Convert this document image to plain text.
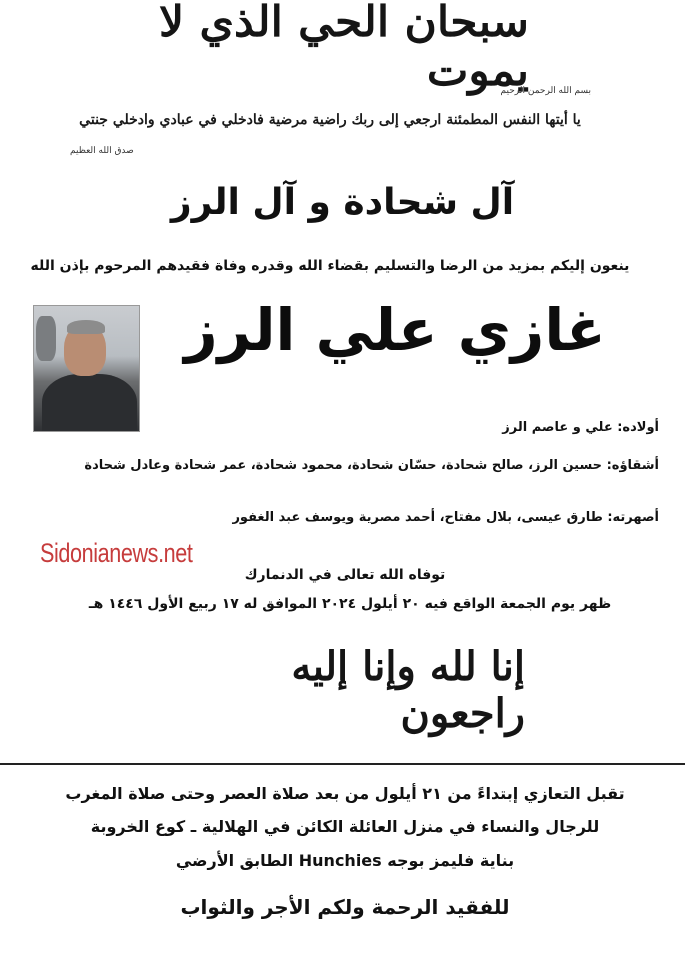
سبحان الحي الذي لا يموت
بسم الله الرحمن الرحيم
يا أيتها النفس المطمئنة ارجعي إلى ربك راضية مرضية فادخلي في عبادي وادخلي جنتي
صدق الله العظيم
آل شحادة و آل الرز
ينعون إليكم بمزيد من الرضا والتسليم بقضاء الله وقدره وفاة فقيدهم المرحوم بإذن الله
غازي علي الرز
أولاده: علي و عاصم الرز
أشقاؤه: حسين الرز، صالح شحادة، حسّان شحادة، محمود شحادة، عمر شحادة وعادل شحادة
أصهرته: طارق عيسى، بلال مفتاح، أحمد مصرية ويوسف عبد الغفور
Sidonianews.net
توفاه الله تعالى في الدنمارك
ظهر يوم الجمعة الواقع فيه ٢٠ أيلول ٢٠٢٤ الموافق له ١٧ ربيع الأول ١٤٤٦ هـ
إنا لله وإنا إليه راجعون
تقبل التعازي إبتداءً من ٢١ أيلول من بعد صلاة العصر وحتى صلاة المغرب
للرجال والنساء في منزل العائلة الكائن في الهلالية ـ كوع الخروبة
بناية فليمز بوجه Hunchies الطابق الأرضي
للفقيد الرحمة ولكم الأجر والثواب
